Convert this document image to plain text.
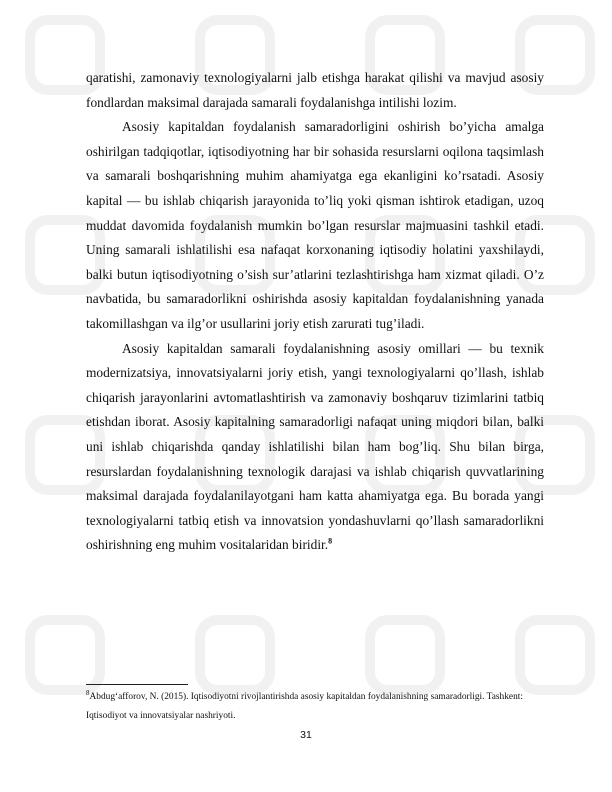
qaratishi, zamonaviy texnologiyalarni jalb etishga harakat qilishi va mavjud asosiy fondlardan maksimal darajada samarali foydalanishga intilishi lozim.

Asosiy kapitaldan foydalanish samaradorligini oshirish bo’yicha amalga oshirilgan tadqiqotlar, iqtisodiyotning har bir sohasida resurslarni oqilona taqsimlash va samarali boshqarishning muhim ahamiyatga ega ekanligini ko’rsatadi. Asosiy kapital — bu ishlab chiqarish jarayonida to’liq yoki qisman ishtirok etadigan, uzoq muddat davomida foydalanish mumkin bo’lgan resurslar majmuasini tashkil etadi. Uning samarali ishlatilishi esa nafaqat korxonaning iqtisodiy holatini yaxshilaydi, balki butun iqtisodiyotning o’sish sur’atlarini tezlashtirishga ham xizmat qiladi. O’z navbatida, bu samaradorlikni oshirishda asosiy kapitaldan foydalanishning yanada takomillashgan va ilg’or usullarini joriy etish zarurati tug’iladi.

Asosiy kapitaldan samarali foydalanishning asosiy omillari — bu texnik modernizatsiya, innovatsiyalarni joriy etish, yangi texnologiyalarni qo’llash, ishlab chiqarish jarayonlarini avtomatlashtirish va zamonaviy boshqaruv tizimlarini tatbiq etishdan iborat. Asosiy kapitalning samaradorligi nafaqat uning miqdori bilan, balki uni ishlab chiqarishda qanday ishlatilishi bilan ham bog’liq. Shu bilan birga, resurslardan foydalanishning texnologik darajasi va ishlab chiqarish quvvatlarining maksimal darajada foydalanilayotgani ham katta ahamiyatga ega. Bu borada yangi texnologiyalarni tatbiq etish va innovatsion yondashuvlarni qo’llash samaradorlikni oshirishning eng muhim vositalaridan biridir.$^8$

$^8$Abdug‘afforov, N. (2015). Iqtisodiyotni rivojlantirishda asosiy kapitaldan foydalanishning samaradorligi. Tashkent: Iqtisodiyot va innovatsiyalar nashriyoti.
31
